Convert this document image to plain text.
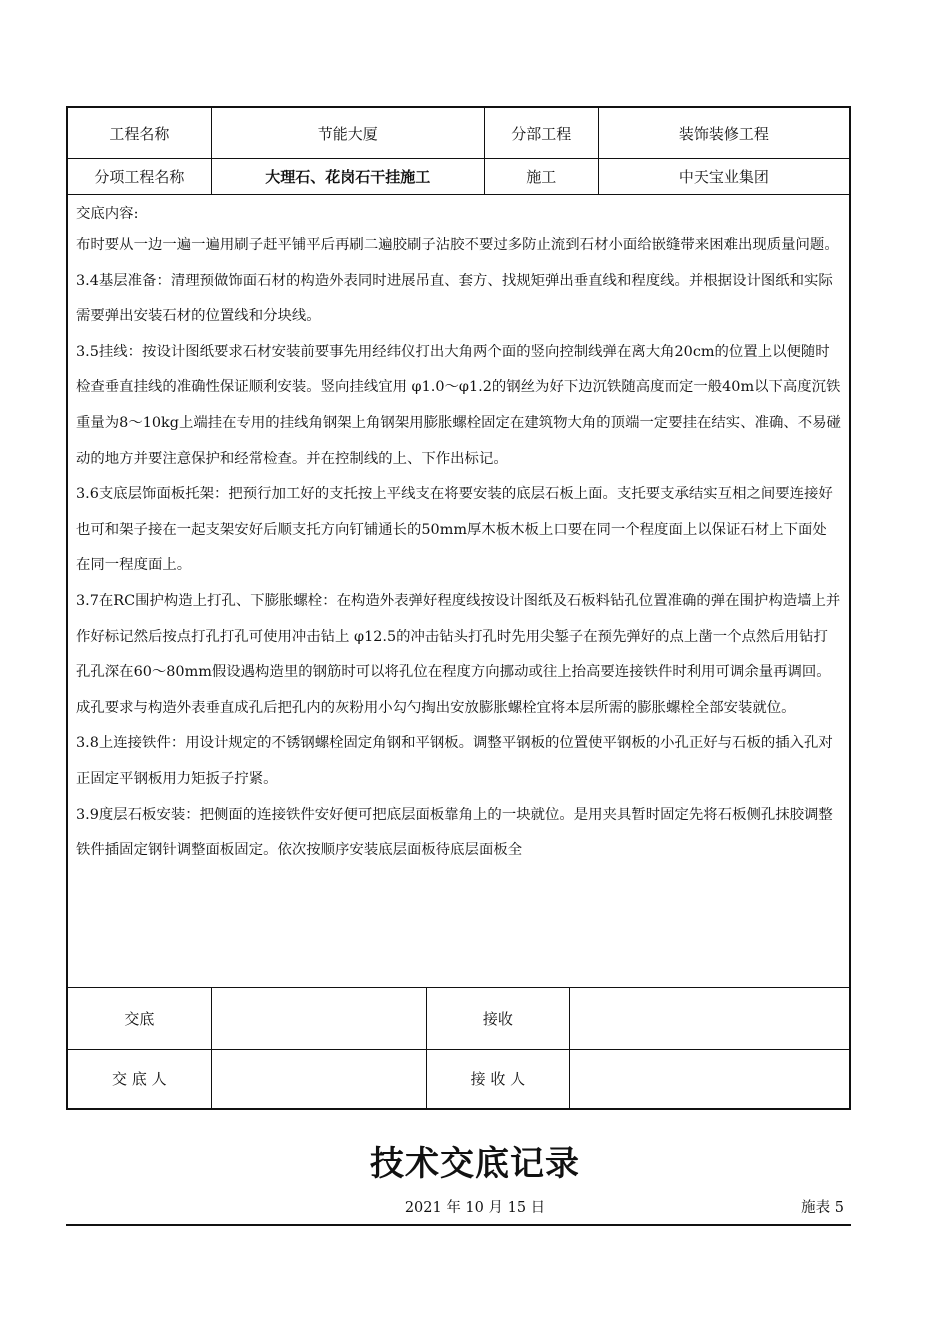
工程名称	节能大厦	分部工程	装饰装修工程
分项工程名称	大理石、花岗石干挂施工	施工	中天宝业集团
交底内容:

布时要从一边一遍一遍用刷子赶平铺平后再刷二遍胶刷子沾胶不要过多防止流到石材小面给嵌缝带来困难出现质量问题。

3.4基层准备：清理预做饰面石材的构造外表同时进展吊直、套方、找规矩弹出垂直线和程度线。并根据设计图纸和实际需要弹出安装石材的位置线和分块线。

3.5挂线：按设计图纸要求石材安装前要事先用经纬仪打出大角两个面的竖向控制线弹在离大角20cm的位置上以便随时检查垂直挂线的准确性保证顺利安装。竖向挂线宜用 φ1.0～φ1.2的钢丝为好下边沉铁随高度而定一般40m以下高度沉铁重量为8～10kg上端挂在专用的挂线角钢架上角钢架用膨胀螺栓固定在建筑物大角的顶端一定要挂在结实、准确、不易碰动的地方并要注意保护和经常检查。并在控制线的上、下作出标记。

3.6支底层饰面板托架：把预行加工好的支托按上平线支在将要安装的底层石板上面。支托要支承结实互相之间要连接好也可和架子接在一起支架安好后顺支托方向钉铺通长的50mm厚木板木板上口要在同一个程度面上以保证石材上下面处在同一程度面上。

3.7在RC围护构造上打孔、下膨胀螺栓：在构造外表弹好程度线按设计图纸及石板料钻孔位置准确的弹在围护构造墙上并作好标记然后按点打孔打孔可使用冲击钻上 φ12.5的冲击钻头打孔时先用尖錾子在预先弹好的点上凿一个点然后用钻打孔孔深在60～80mm假设遇构造里的钢筋时可以将孔位在程度方向挪动或往上抬高要连接铁件时利用可调余量再调回。成孔要求与构造外表垂直成孔后把孔内的灰粉用小勾勺掏出安放膨胀螺栓宜将本层所需的膨胀螺栓全部安装就位。

3.8上连接铁件：用设计规定的不锈钢螺栓固定角钢和平钢板。调整平钢板的位置使平钢板的小孔正好与石板的插入孔对正固定平钢板用力矩扳子拧紧。

3.9度层石板安装：把侧面的连接铁件安好便可把底层面板靠角上的一块就位。是用夹具暂时固定先将石板侧孔抹胶调整铁件插固定钢针调整面板固定。依次按顺序安装底层面板待底层面板全

交底	接收
交 底 人	接 收 人
技术交底记录
2021 年 10 月 15 日	施表 5
